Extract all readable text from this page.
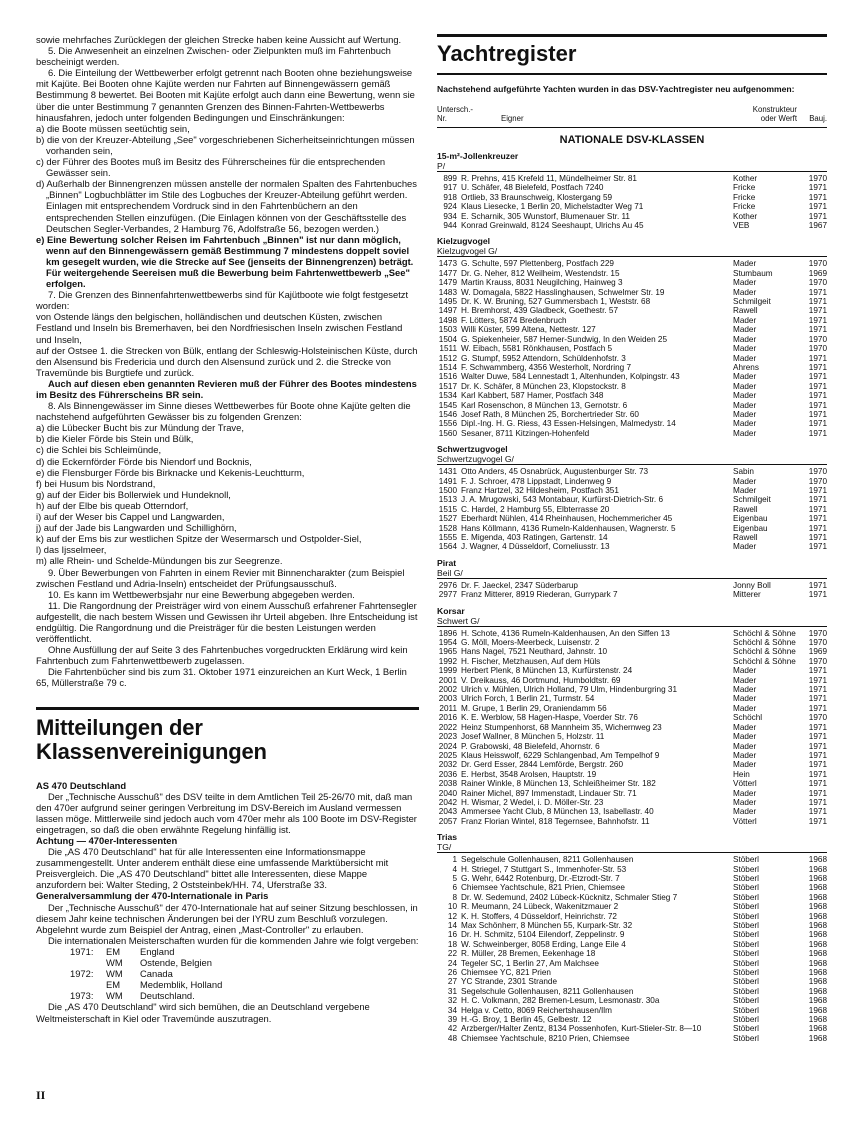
sowie mehrfaches Zurücklegen der gleichen Strecke haben keine Aussicht auf Wertung.

5. Die Anwesenheit an einzelnen Zwischen- oder Zielpunkten muß im Fahrtenbuch bescheinigt werden.

6. Die Einteilung der Wettbewerber erfolgt getrennt nach Booten ohne beziehungsweise mit Kajüte. Bei Booten ohne Kajüte werden nur Fahrten auf Binnengewässern gemäß Bestimmung 8 bewertet. Bei Booten mit Kajüte erfolgt auch dann eine Bewertung, wenn sie über die unter Bestimmung 7 genannten Grenzen des Binnen-Fahrten-Wettbewerbs hinausfahren, jedoch unter folgenden Bedingungen und Einschränkungen:

a) die Boote müssen seetüchtig sein,

b) die von der Kreuzer-Abteilung „See" vorgeschriebenen Sicherheitseinrichtungen müssen vorhanden sein,

c) der Führer des Bootes muß im Besitz des Führerscheines für die entsprechenden Gewässer sein.

d) Außerhalb der Binnengrenzen müssen anstelle der normalen Spalten des Fahrtenbuches „Binnen" Logbuchblätter im Stile des Logbuches der Kreuzer-Abteilung geführt werden. Einlagen mit entsprechendem Vordruck sind in den Fahrtenbüchern an den entsprechenden Stellen einzufügen. (Die Einlagen können von der Geschäftsstelle des Deutschen Segler-Verbandes, 2 Hamburg 76, Adolfstraße 56, bezogen werden.)

e) Eine Bewertung solcher Reisen im Fahrtenbuch „Binnen" ist nur dann möglich, wenn auf den Binnengewässern gemäß Bestimmung 7 mindestens doppelt soviel km gesegelt wurden, wie die Strecke auf See (jenseits der Binnengrenzen) beträgt. Für weitergehende Seereisen muß die Bewerbung beim Fahrtenwettbewerb „See" erfolgen.

7. Die Grenzen des Binnenfahrtenwettbewerbs sind für Kajütboote wie folgt festgesetzt worden:

von Ostende längs den belgischen, holländischen und deutschen Küsten, zwischen Festland und Inseln bis Bremerhaven, bei den Nordfriesischen Inseln zwischen Festland und Inseln,

auf der Ostsee 1. die Strecken von Bülk, entlang der Schleswig-Holsteinischen Küste, durch den Alsensund bis Fredericia und durch den Alsensund zurück und 2. die Strecke von Travemünde bis Burgtiefe und zurück.

Auch auf diesen eben genannten Revieren muß der Führer des Bootes mindestens im Besitz des Führerscheins BR sein.

8. Als Binnengewässer im Sinne dieses Wettbewerbes für Boote ohne Kajüte gelten die nachstehend aufgeführten Gewässer bis zu folgenden Grenzen:

a) die Lübecker Bucht bis zur Mündung der Trave,

b) die Kieler Förde bis Stein und Bülk,

c) die Schlei bis Schleimünde,

d) die Eckernförder Förde bis Niendorf und Bocknis,

e) die Flensburger Förde bis Birknacke und Kekenis-Leuchtturm,

f) bei Husum bis Nordstrand,

g) auf der Eider bis Bollerwiek und Hundeknoll,

h) auf der Elbe bis queab Otterndorf,

i) auf der Weser bis Cappel und Langwarden,

j) auf der Jade bis Langwarden und Schillighörn,

k) auf der Ems bis zur westlichen Spitze der Wesermarsch und Ostpolder-Siel,

l) das Ijsselmeer,

m) alle Rhein- und Schelde-Mündungen bis zur Seegrenze.

9. Über Bewerbungen von Fahrten in einem Revier mit Binnencharakter (zum Beispiel zwischen Festland und Adria-Inseln) entscheidet der Prüfungsausschuß.

10. Es kann im Wettbewerbsjahr nur eine Bewerbung abgegeben werden.

11. Die Rangordnung der Preisträger wird von einem Ausschuß erfahrener Fahrtensegler aufgestellt, die nach bestem Wissen und Gewissen ihr Urteil abgeben. Ihre Entscheidung ist endgültig. Die Rangordnung und die Preisträger für die besten Leistungen werden veröffentlicht.

Ohne Ausfüllung der auf Seite 3 des Fahrtenbuches vorgedruckten Erklärung wird kein Fahrtenbuch zum Fahrtenwettbewerb zugelassen.

Die Fahrtenbücher sind bis zum 31. Oktober 1971 einzureichen an Kurt Weck, 1 Berlin 65, Müllerstraße 79 c.

Mitteilungen der Klassenvereinigungen

AS 470 Deutschland

Der „Technische Ausschuß" des DSV teilte in dem Amtlichen Teil 25-26/70 mit, daß man den 470er aufgrund seiner geringen Verbreitung im DSV-Bereich im Ausland vermessen lassen möge. Mittlerweile sind jedoch auch vom 470er mehr als 100 Boote im DSV-Register eingetragen, so daß die oben erwähnte Regelung hinfällig ist.

Achtung — 470er-Interessenten

Die „AS 470 Deutschland" hat für alle Interessenten eine Informationsmappe zusammengestellt. Unter anderem enthält diese eine umfassende Marktübersicht mit Preisvergleich. Die „AS 470 Deutschland" bittet alle Interessenten, diese Mappe anzufordern bei: Walter Steding, 2 Oststeinbek/HH. 74, Uferstraße 33.

Generalversammlung der 470-Internationale in Paris

Der „Technische Ausschuß" der 470-Internationale hat auf seiner Sitzung beschlossen, in diesem Jahr keine technischen Änderungen bei der IYRU zum Beschluß vorzulegen. Abgelehnt wurde zum Beispiel der Antrag, einen „Mast-Controller" zu erlauben.

Die internationalen Meisterschaften wurden für die kommenden Jahre wie folgt vergeben:

1971:	EM	England
WM	Ostende, Belgien
1972:	WM	Canada
EM	Medemblik, Holland
1973:	WM	Deutschland.

Die „AS 470 Deutschland" wird sich bemühen, die an Deutschland vergebene Weltmeisterschaft in Kiel oder Travemünde auszutragen.

Yachtregister

Nachstehend aufgeführte Yachten wurden in das DSV-Yachtregister neu aufgenommen:

Untersch.-
Nr.	Eigner
Konstrukteur
oder Werft	Bauj.
NATIONALE DSV-KLASSEN
15-m²-Jollenkreuzer
P/
899 R. Prehns, 415 Krefeld 11, Mündelheimer Str. 81	Kother	1970
917 U. Schäfer, 48 Bielefeld, Postfach 7240	Fricke	1971
918 Ortlieb, 33 Braunschweig, Klostergang 59	Fricke	1971
924 Klaus Liesecke, 1 Berlin 20, Michelstadter Weg 71	Fricke	1971
934 E. Scharnik, 305 Wunstorf, Blumenauer Str. 11	Kother	1971
944 Konrad Greinwald, 8124 Seeshaupt, Ulrichs Au 45	VEB	1967
Kielzugvogel
Kielzugvogel G/
1473 G. Schulte, 597 Plettenberg, Postfach 229	Mader	1970
1477 Dr. G. Neher, 812 Weilheim, Westendstr. 15	Stumbaum	1969
1479 Martin Krauss, 8031 Neugilching, Hainweg 3	Mader	1970
1483 W. Domagala, 5822 Hasslinghausen, Schwelmer Str. 19	Mader	1971
1495 Dr. K. W. Bruning, 527 Gummersbach 1, Weststr. 68	Schmilgeit	1971
1497 H. Bremhorst, 439 Gladbeck, Goethestr. 57	Rawell	1971
1498 F. Lötters, 5874 Bredenbruch	Mader	1971
1503 Willi Küster, 599 Altena, Nettestr. 127	Mader	1971
1504 G. Spiekenheier, 587 Hemer-Sundwig, In den Weiden 25	Mader	1970
1511 W. Eibach, 5581 Rönkhausen, Postfach 5	Mader	1970
1512 G. Stumpf, 5952 Attendorn, Schüldenhofstr. 3	Mader	1971
1514 F. Schwammberg, 4356 Westerholt, Nordring 7	Ahrens	1971
1516 Walter Duwe, 584 Lennestadt 1, Altenhunden, Kolpingstr. 43	Mader	1971
1517 Dr. K. Schäfer, 8 München 23, Klopstockstr. 8	Mader	1971
1534 Karl Kabbert, 587 Hamer, Postfach 348	Mader	1971
1545 Karl Rosenschon, 8 München 13, Gernotstr. 6	Mader	1971
1546 Josef Rath, 8 München 25, Borchertrieder Str. 60	Mader	1971
1556 Dipl.-Ing. H. G. Riess, 43 Essen-Helsingen, Malmedystr. 14	Mader	1971
1560 Sesaner, 8711 Kitzingen-Hohenfeld	Mader	1971
Schwertzugvogel
Schwertzugvogel G/
1431 Otto Anders, 45 Osnabrück, Augustenburger Str. 73	Sabin	1970
1491 F. J. Schroer, 478 Lippstadt, Lindenweg 9	Mader	1970
1500 Franz Hartzel, 32 Hildesheim, Postfach 351	Mader	1971
1513 J. A. Mrugowski, 543 Montabaur, Kurfürst-Dietrich-Str. 6	Schmilgeit	1971
1515 C. Hardel, 2 Hamburg 55, Elbterrasse 20	Rawell	1971
1527 Eberhardt Nühlen, 414 Rheinhausen, Hochemmericher 45	Eigenbau	1971
1528 Hans Köllmann, 4136 Rumeln-Kaldenhausen, Wagnerstr. 5	Eigenbau	1971
1555 E. Migenda, 403 Ratingen, Gartenstr. 14	Rawell	1971
1564 J. Wagner, 4 Düsseldorf, Corneliusstr. 13	Mader	1971
Pirat
Beil G/
2976 Dr. F. Jaeckel, 2347 Süderbarup	Jonny Boll	1971
2977 Franz Mitterer, 8919 Riederan, Gurrypark 7	Mitterer	1971
Korsar
Schwert G/
1896 H. Schote, 4136 Rumeln-Kaldenhausen, An den Siffen 13	Schöchl & Söhne	1970
1954 G. Möll, Moers-Meerbeck, Luisenstr. 2	Schöchl & Söhne	1970
1965 Hans Nagel, 7521 Neuthard, Jahnstr. 10	Schöchl & Söhne	1969
1992 H. Fischer, Metzhausen, Auf dem Hüls	Schöchl & Söhne	1970
1999 Herbert Plenk, 8 München 13, Kurfürstenstr. 24	Mader	1971
2001 V. Dreikauss, 46 Dortmund, Humboldtstr. 69	Mader	1971
2002 Ulrich v. Mühlen, Ulrich Holland, 79 Ulm, Hindenburgring 31	Mader	1971
2003 Ulrich Forch, 1 Berlin 21, Turmstr. 54	Mader	1971
2011 M. Grupe, 1 Berlin 29, Oraniendamm 56	Mader	1971
2016 K. E. Werblow, 58 Hagen-Haspe, Voerder Str. 76	Schöchl	1970
2022 Heinz Stumpenhorst, 68 Mannheim 35, Wichernweg 23	Mader	1971
2023 Josef Wallner, 8 München 5, Holzstr. 11	Mader	1971
2024 P. Grabowski, 48 Bielefeld, Ahornstr. 6	Mader	1971
2025 Klaus Heisswolf, 6229 Schlangenbad, Am Tempelhof 9	Mader	1971
2032 Dr. Gerd Esser, 2844 Lemförde, Bergstr. 260	Mader	1971
2036 E. Herbst, 3548 Arolsen, Hauptstr. 19	Hein	1971
2038 Rainer Winkle, 8 München 13, Schleißheimer Str. 182	Vötterl	1971
2040 Rainer Michel, 897 Immenstadt, Lindauer Str. 71	Mader	1971
2042 H. Wismar, 2 Wedel, i. D. Möller-Str. 23	Mader	1971
2043 Ammersee Yacht Club, 8 München 13, Isabellastr. 40	Mader	1971
2057 Franz Florian Wintel, 818 Tegernsee, Bahnhofstr. 11	Vötterl	1971
Trias
TG/
1 Segelschule Gollenhausen, 8211 Gollenhausen	Stöberl	1968
4 H. Striegel, 7 Stuttgart S., Immenhofer-Str. 53	Stöberl	1968
5 G. Wehr, 6442 Rotenburg, Dr.-Etzrodt-Str. 7	Stöberl	1968
6 Chiemsee Yachtschule, 821 Prien, Chiemsee	Stöberl	1968
8 Dr. W. Sedemund, 2402 Lübeck-Kücknitz, Schmaler Stieg 7	Stöberl	1968
10 R. Meumann, 24 Lübeck, Wakenitzmauer 2	Stöberl	1968
12 K. H. Stoffers, 4 Düsseldorf, Heinrichstr. 72	Stöberl	1968
14 Max Schönherr, 8 München 55, Kurpark-Str. 32	Stöberl	1968
16 Dr. H. Schmitz, 5104 Eilendorf, Zeppelinstr. 9	Stöberl	1968
18 W. Schweinberger, 8058 Erding, Lange Eile 4	Stöberl	1968
22 R. Müller, 28 Bremen, Eekenhage 18	Stöberl	1968
24 Tegeler SC, 1 Berlin 27, Am Malchsee	Stöberl	1968
26 Chiemsee YC, 821 Prien	Stöberl	1968
27 YC Strande, 2301 Strande	Stöberl	1968
31 Segelschule Gollenhausen, 8211 Gollenhausen	Stöberl	1968
32 H. C. Volkmann, 282 Bremen-Lesum, Lesmonastr. 30a	Stöberl	1968
34 Helga v. Cetto, 8069 Reichertshausen/Ilm	Stöberl	1968
39 H.-G. Broy, 1 Berlin 45, Gelbestr. 12	Stöberl	1968
42 Arzberger/Halter Zentz, 8134 Possenhofen, Kurt-Stieler-Str. 8—10	Stöberl	1968
48 Chiemsee Yachtschule, 8210 Prien, Chiemsee	Stöberl	1968
II
